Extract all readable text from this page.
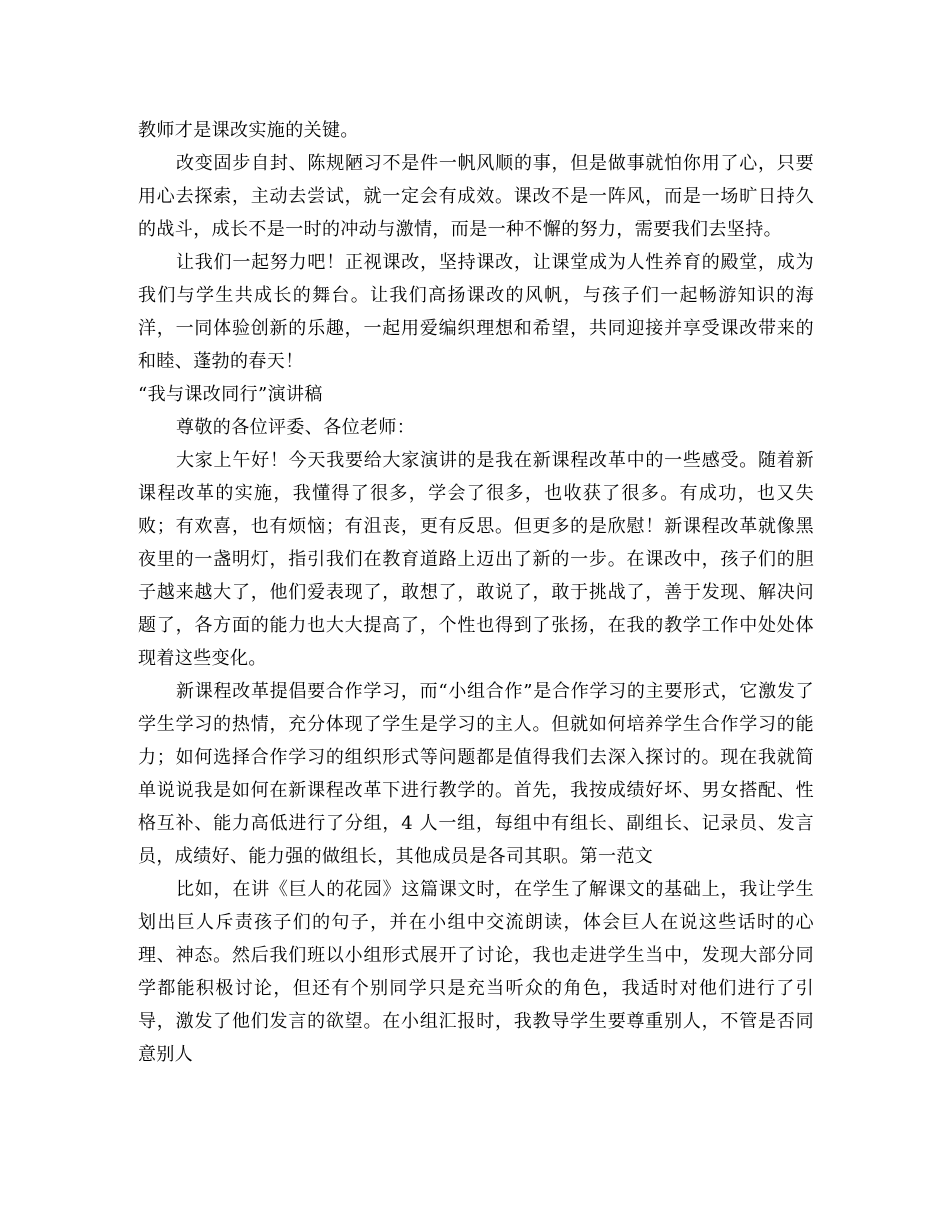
教师才是课改实施的关键。

改变固步自封、陈规陋习不是件一帆风顺的事，但是做事就怕你用了心，只要用心去探索，主动去尝试，就一定会有成效。课改不是一阵风，而是一场旷日持久的战斗，成长不是一时的冲动与激情，而是一种不懈的努力，需要我们去坚持。

让我们一起努力吧！正视课改，坚持课改，让课堂成为人性养育的殿堂，成为我们与学生共成长的舞台。让我们高扬课改的风帆，与孩子们一起畅游知识的海洋，一同体验创新的乐趣，一起用爱编织理想和希望，共同迎接并享受课改带来的和睦、蓬勃的春天！

“我与课改同行”演讲稿

尊敬的各位评委、各位老师：

大家上午好！今天我要给大家演讲的是我在新课程改革中的一些感受。随着新课程改革的实施，我懂得了很多，学会了很多，也收获了很多。有成功，也又失败；有欢喜，也有烦恼；有沮丧，更有反思。但更多的是欣慰！新课程改革就像黑夜里的一盏明灯，指引我们在教育道路上迈出了新的一步。在课改中，孩子们的胆子越来越大了，他们爱表现了，敢想了，敢说了，敢于挑战了，善于发现、解决问题了，各方面的能力也大大提高了，个性也得到了张扬，在我的教学工作中处处体现着这些变化。

新课程改革提倡要合作学习，而“小组合作”是合作学习的主要形式，它激发了学生学习的热情，充分体现了学生是学习的主人。但就如何培养学生合作学习的能力；如何选择合作学习的组织形式等问题都是值得我们去深入探讨的。现在我就简单说说我是如何在新课程改革下进行教学的。首先，我按成绩好坏、男女搭配、性格互补、能力高低进行了分组，4 人一组，每组中有组长、副组长、记录员、发言员，成绩好、能力强的做组长，其他成员是各司其职。第一范文

比如，在讲《巨人的花园》这篇课文时，在学生了解课文的基础上，我让学生划出巨人斥责孩子们的句子，并在小组中交流朗读，体会巨人在说这些话时的心理、神态。然后我们班以小组形式展开了讨论，我也走进学生当中，发现大部分同学都能积极讨论，但还有个别同学只是充当听众的角色，我适时对他们进行了引导，激发了他们发言的欲望。在小组汇报时，我教导学生要尊重别人，不管是否同意别人
